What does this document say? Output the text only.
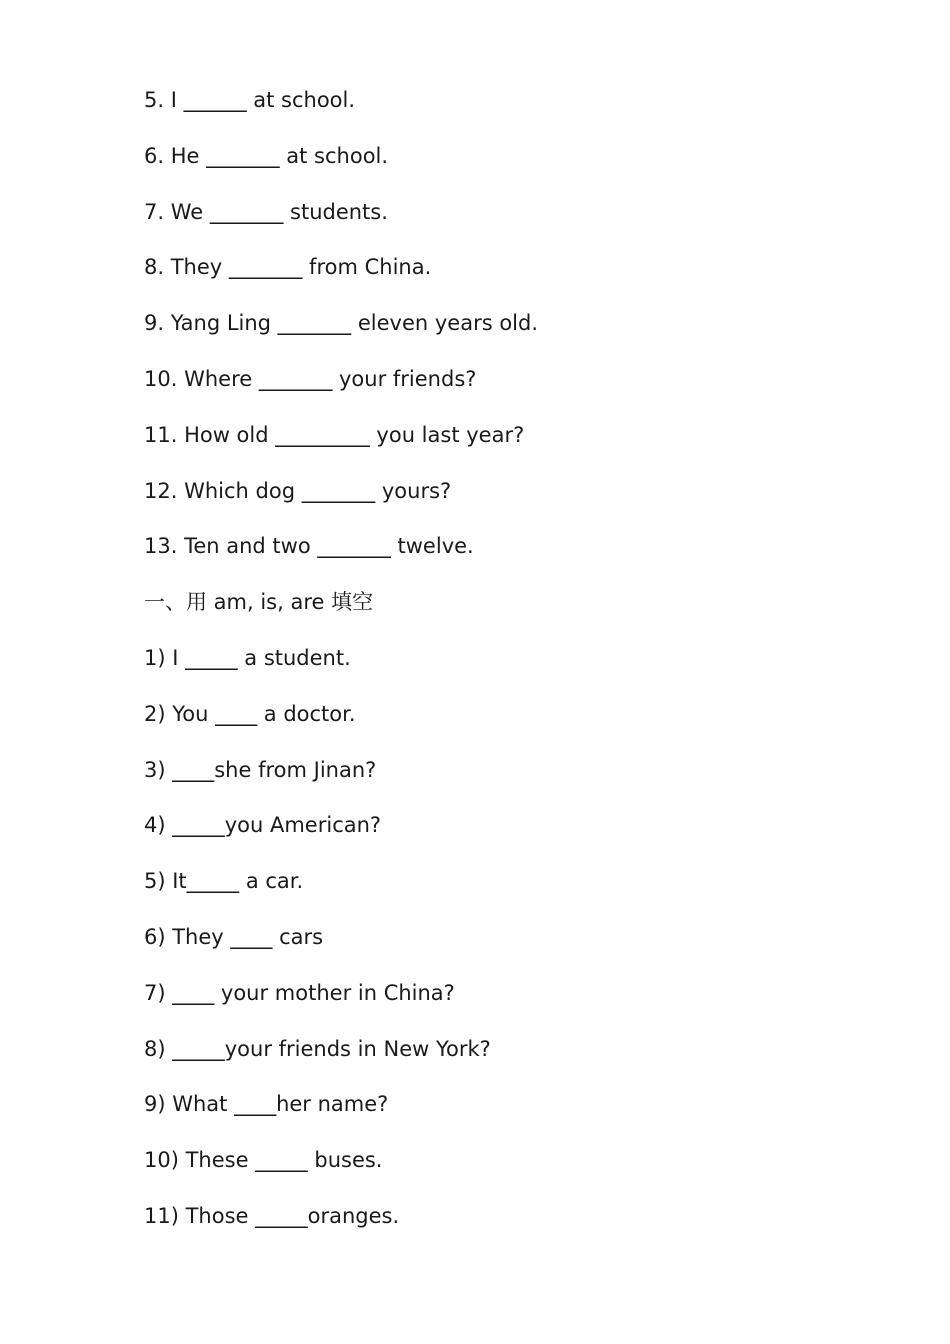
5. I ______ at school.
6. He _______ at school.
7. We _______ students.
8. They _______ from China.
9. Yang Ling _______ eleven years old.
10. Where _______ your friends?
11. How old _________ you last year?
12. Which dog _______ yours?
13. Ten and two _______ twelve.
一、用 am, is, are 填空
1) I _____ a student.
2) You ____ a doctor.
3) ____she from Jinan?
4) _____you American?
5) It_____ a car.
6) They ____ cars
7) ____ your mother in China?
8) _____your friends in New York?
9) What ____her name?
10) These _____ buses.
11) Those _____oranges.
